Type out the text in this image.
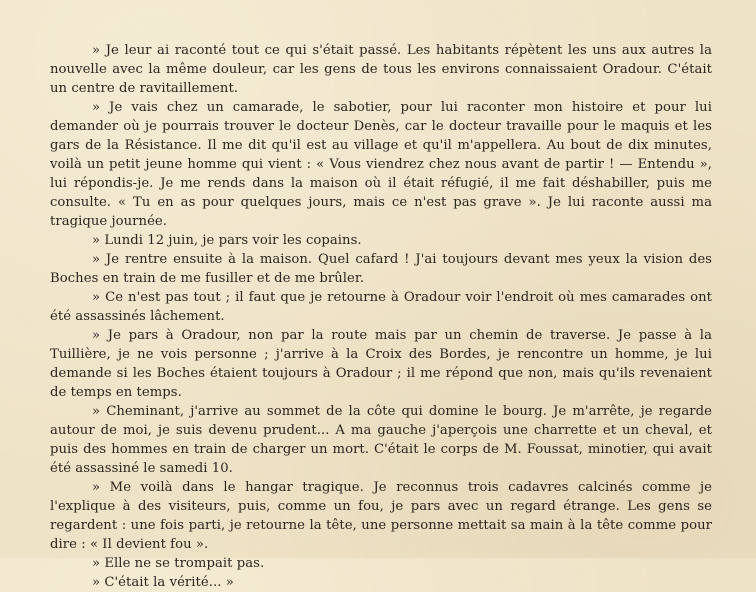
» Je leur ai raconté tout ce qui s'était passé. Les habitants répètent les uns aux autres la nouvelle avec la même douleur, car les gens de tous les environs connaissaient Oradour. C'était un centre de ravitaillement.

» Je vais chez un camarade, le sabotier, pour lui raconter mon histoire et pour lui demander où je pourrais trouver le docteur Denès, car le docteur travaille pour le maquis et les gars de la Résistance. Il me dit qu'il est au village et qu'il m'appellera. Au bout de dix minutes, voilà un petit jeune homme qui vient : « Vous viendrez chez nous avant de partir ! — Entendu », lui répondis-je. Je me rends dans la maison où il était réfugié, il me fait déshabiller, puis me consulte. « Tu en as pour quelques jours, mais ce n'est pas grave ». Je lui raconte aussi ma tragique journée.

» Lundi 12 juin, je pars voir les copains.

» Je rentre ensuite à la maison. Quel cafard ! J'ai toujours devant mes yeux la vision des Boches en train de me fusiller et de me brûler.

» Ce n'est pas tout ; il faut que je retourne à Oradour voir l'endroit où mes camarades ont été assassinés lâchement.

» Je pars à Oradour, non par la route mais par un chemin de traverse. Je passe à la Tuillière, je ne vois personne ; j'arrive à la Croix des Bordes, je rencontre un homme, je lui demande si les Boches étaient toujours à Oradour ; il me répond que non, mais qu'ils revenaient de temps en temps.

» Cheminant, j'arrive au sommet de la côte qui domine le bourg. Je m'arrête, je regarde autour de moi, je suis devenu prudent... A ma gauche j'aperçois une charrette et un cheval, et puis des hommes en train de charger un mort. C'était le corps de M. Foussat, minotier, qui avait été assassiné le samedi 10.

» Me voilà dans le hangar tragique. Je reconnus trois cadavres calcinés comme je l'explique à des visiteurs, puis, comme un fou, je pars avec un regard étrange. Les gens se regardent : une fois parti, je retourne la tête, une personne mettait sa main à la tête comme pour dire : « Il devient fou ».

» Elle ne se trompait pas.

» C'était la vérité... »
